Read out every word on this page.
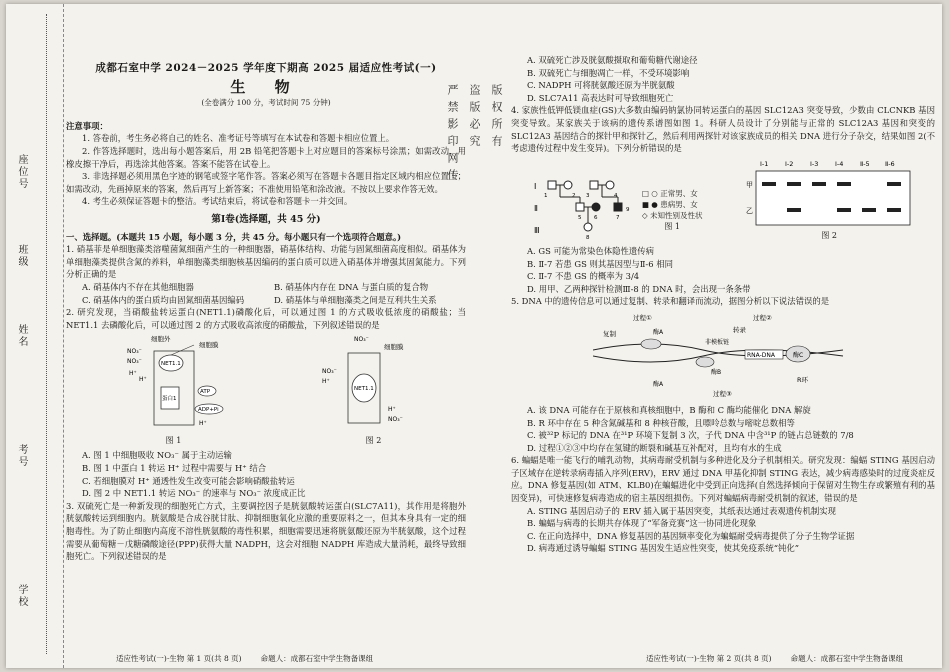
座位号
班级
姓名
考号
学校
成都石室中学 2024－2025 学年度下期高 2025 届适应性考试(一)
生 物
(全卷满分 100 分，考试时间 75 分钟)
注意事项：
1. 答卷前，考生务必将自己的姓名、准考证号等填写在本试卷和答题卡相应位置上。
2. 作答选择题时，选出每小题答案后，用 2B 铅笔把答题卡上对应题目的答案标号涂黑；如需改动，用橡皮擦干净后，再选涂其他答案。答案不能答在试卷上。
3. 非选择题必须用黑色字迹的钢笔或签字笔作答。答案必须写在答题卡各题目指定区域内相应位置上；如需改动，先画掉原来的答案，然后再写上新答案；不准使用铅笔和涂改液。不按以上要求作答无效。
4. 考生必须保证答题卡的整洁。考试结束后，将试卷和答题卡一并交回。
第Ⅰ卷(选择题，共 45 分)
一、选择题。(本题共 15 小题，每小题 3 分，共 45 分。每小题只有一个选项符合题意。)
1. 硝基菲是单细胞藻类溶噬菌氮细菌产生的一种细胞器，硝基体结构、功能与固氮细菌高度相似。硝基体为单细胞藻类提供含氮的养料，单细胞藻类细胞核基因编码的蛋白质可以进入硝基体并增强其固氮能力。下列分析正确的是
A. 硝基体内不存在其他细胞器	B. 硝基体内存在 DNA 与蛋白质的复合物
C. 硝基体内的蛋白质均由固氮细菌基因编码	D. 硝基体与单细胞藻类之间是互利共生关系
2. 研究发现，当硝酸盐转运蛋白(NET1.1)磷酸化后，可以通过图 1 的方式吸收低浓度的硝酸盐；当 NET1.1 去磷酸化后，可以通过图 2 的方式吸收高浓度的硝酸盐，下列叙述错误的是
细胞外
细胞膜
NET1.1
NO₃⁻
NO₃⁻
H⁺
H⁺
蛋白1
ATP
ADP+Pi
H⁺
图 1
NO₃⁻
细胞膜
NET1.1
NO₃⁻
H⁺
H⁺
NO₃⁻
图 2
A. 图 1 中细胞吸收 NO₃⁻ 属于主动运输
B. 图 1 中蛋白 1 转运 H⁺ 过程中需要与 H⁺ 结合
C. 若细胞膜对 H⁺ 通透性发生改变可能会影响硝酸盐转运
D. 图 2 中 NET1.1 转运 NO₃⁻ 的速率与 NO₃⁻ 浓度成正比
3. 双硫死亡是一种新发现的细胞死亡方式，主要调控因子是胱氨酸转运蛋白(SLC7A11)，其作用是将胞外胱氨酸转运到细胞内。胱氨酸是合成谷胱甘肽、抑制细胞氧化应激的重要原料之一，但其本身具有一定的细胞毒性。为了防止细胞内高度不溶性胱氨酸的毒性积累，细胞需要迅速将胱氨酸还原为半胱氨酸，这个过程需要从葡萄糖－戊糖磷酸途径(PPP)获得大量 NADPH，这会对细胞 NADPH 库造成大量消耗，最终导致细胞死亡。下列叙述错误的是
版权所有
盗版必究
严禁影印网传
A. 双硫死亡涉及胱氨酸摄取和葡萄糖代谢途径
B. 双硫死亡与细胞凋亡一样，不受环境影响
C. NADPH 可将胱氨酸还原为半胱氨酸
D. SLC7A11 高表达时可导致细胞死亡
4. 家族性低钾低镁血症(GS)大多数由编码钠氯协同转运蛋白的基因 SLC12A3 突变导致，少数由 CLCNKB 基因突变导致。某家族关于该病的遗传系谱图如图 1。科研人员设计了分别能与正常的 SLC12A3 基因和突变的 SLC12A3 基因结合的探针甲和探针乙，然后利用两探针对该家族成员的相关 DNA 进行分子杂交，结果如图 2(不考虑遗传过程中发生变异)。下列分析错误的是
Ⅰ
Ⅱ
Ⅲ
1	2 3	4
5 6	7
8
9
□ ○ 正常男、女
■ ● 患病男、女
◇ 未知性别及性状
图 1
Ⅰ-1	Ⅰ-2	Ⅰ-3	Ⅰ-4	Ⅱ-5 Ⅱ-6
甲
乙
图 2
A. GS 可能为常染色体隐性遗传病
B. Ⅱ-7 若患 GS 则其基因型与Ⅱ-6 相同
C. Ⅱ-7 不患 GS 的概率为 3/4
D. 用甲、乙两种探针检测Ⅲ-8 的 DNA 时，会出现一条条带
5. DNA 中的遗传信息可以通过复制、转录和翻译而流动，据图分析以下说法错误的是
过程①	过程②
复制	转录
酶A
酶B
非模板链
RNA-DNA	酶C
酶A
过程③
R环
A. 该 DNA 可能存在于原核和真核细胞中，B 酶和 C 酶均能催化 DNA 解旋
B. R 环中存在 5 种含氮碱基和 8 种核苷酸，且嘌呤总数与嘧啶总数相等
C. 被³²P 标记的 DNA 在³¹P 环境下复制 3 次，子代 DNA 中含³¹P 的链占总链数的 7/8
D. 过程①②③中均存在氢键的断裂和碱基互补配对，且均有水的生成
6. 蝙蝠是唯一能飞行的哺乳动物，其病毒耐受机制与多种进化及分子机制相关。研究发现：编蝠 STING 基因启动子区域存在逆转录病毒插入序列(ERV)，ERV 通过 DNA 甲基化抑制 STING 表达，减少病毒感染时的过度炎症反应。DNA 修复基因(如 ATM、KLB0)在蝙蝠进化中受到正向选择(自然选择倾向于保留对生物生存或繁殖有利的基因变异)，可快速修复病毒造成的宿主基因组损伤。下列对蝙蝠病毒耐受机制的叙述，错误的是
A. STING 基因启动子的 ERV 插入属于基因突变，其纸表达通过表观遗传机制实现
B. 蝙蝠与病毒的长期共存体现了“军备竞赛”这一协同进化现象
C. 在正向选择中，DNA 修复基因的基因频率变化为蝙蝠耐受病毒提供了分子生物学证据
D. 病毒通过诱导蝙蝠 STING 基因发生适应性突变，使其免疫系统“钝化”
适应性考试(一)·生物 第 1 页(共 8 页)	命题人：成都石室中学生物备课组	适应性考试(一)·生物 第 2 页(共 8 页)	命题人：成都石室中学生物备课组
